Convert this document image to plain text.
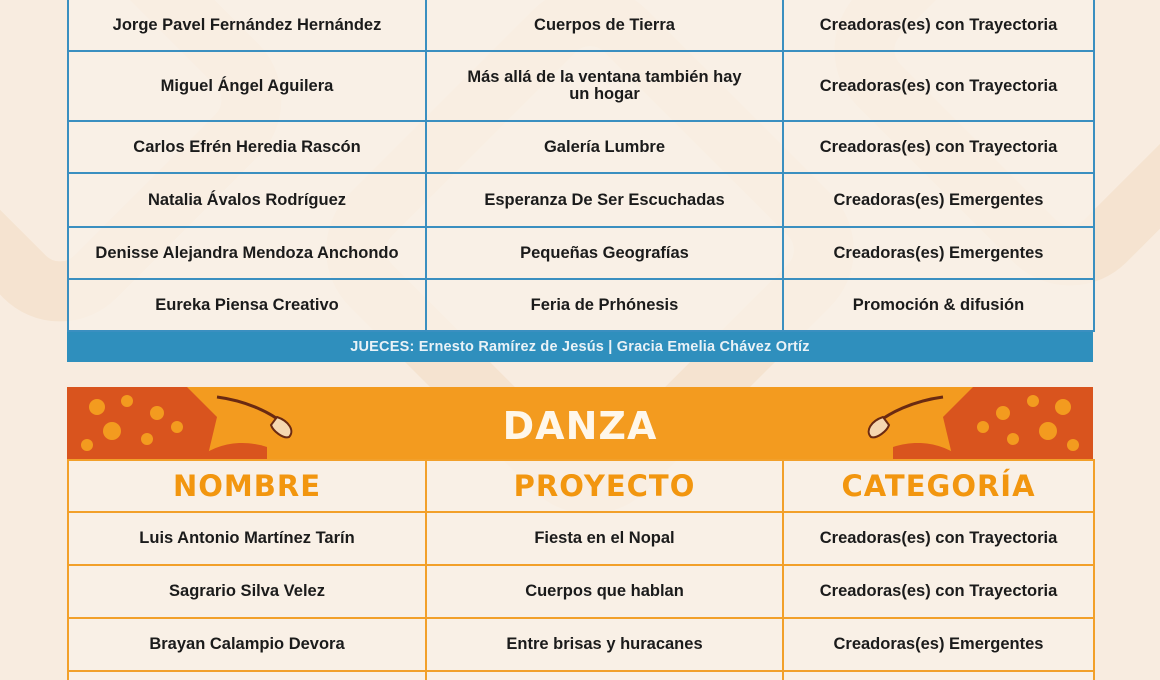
Jorge Pavel Fernández Hernández	Cuerpos de Tierra	Creadoras(es) con Trayectoria
Miguel Ángel Aguilera	Más allá de la ventana también hay un hogar	Creadoras(es) con Trayectoria
Carlos Efrén Heredia Rascón	Galería Lumbre	Creadoras(es) con Trayectoria
Natalia Ávalos Rodríguez	Esperanza De Ser Escuchadas	Creadoras(es) Emergentes
Denisse Alejandra Mendoza Anchondo	Pequeñas Geografías	Creadoras(es) Emergentes
Eureka Piensa Creativo	Feria de Prhónesis	Promoción & difusión
JUECES: Ernesto Ramírez de Jesús | Gracia Emelia Chávez Ortíz
DANZA
NOMBRE	PROYECTO	CATEGORÍA
Luis Antonio Martínez Tarín	Fiesta en el Nopal	Creadoras(es) con Trayectoria
Sagrario Silva Velez	Cuerpos que hablan	Creadoras(es) con Trayectoria
Brayan Calampio Devora	Entre brisas y huracanes	Creadoras(es) Emergentes
